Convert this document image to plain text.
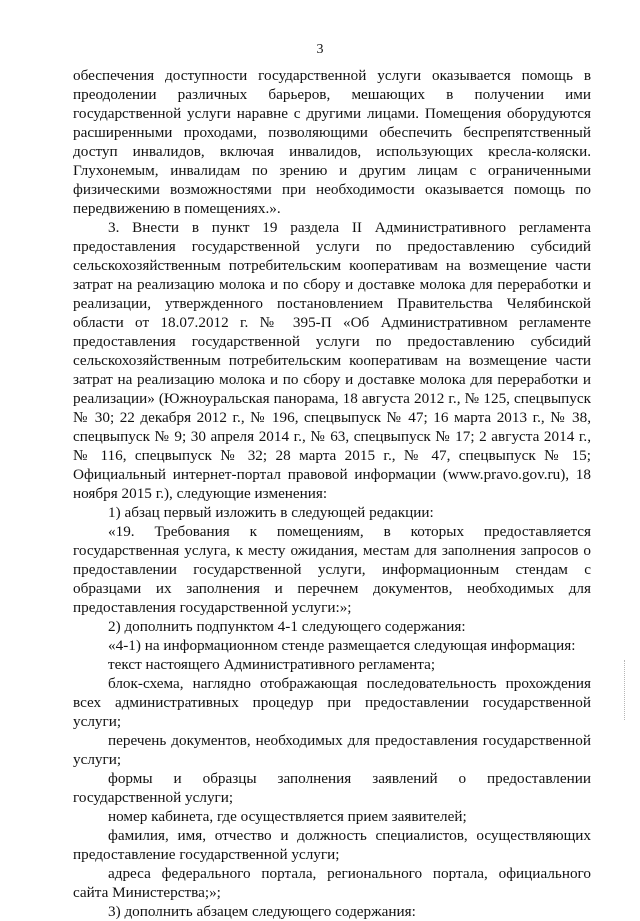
3

обеспечения доступности государственной услуги оказывается помощь в преодолении различных барьеров, мешающих в получении ими государственной услуги наравне с другими лицами. Помещения оборудуются расширенными проходами, позволяющими обеспечить беспрепятственный доступ инвалидов, включая инвалидов, использующих кресла-коляски. Глухонемым, инвалидам по зрению и другим лицам с ограниченными физическими возможностями при необходимости оказывается помощь по передвижению в помещениях.».

3. Внести в пункт 19 раздела II Административного регламента предоставления государственной услуги по предоставлению субсидий сельскохозяйственным потребительским кооперативам на возмещение части затрат на реализацию молока и по сбору и доставке молока для переработки и реализации, утвержденного постановлением Правительства Челябинской области от 18.07.2012 г. № 395-П «Об Административном регламенте предоставления государственной услуги по предоставлению субсидий сельскохозяйственным потребительским кооперативам на возмещение части затрат на реализацию молока и по сбору и доставке молока для переработки и реализации» (Южноуральская панорама, 18 августа 2012 г., № 125, спецвыпуск № 30; 22 декабря 2012 г., № 196, спецвыпуск № 47; 16 марта 2013 г., № 38, спецвыпуск № 9; 30 апреля 2014 г., № 63, спецвыпуск № 17; 2 августа 2014 г., № 116, спецвыпуск № 32; 28 марта 2015 г., № 47, спецвыпуск № 15; Официальный интернет-портал правовой информации (www.pravo.gov.ru), 18 ноября 2015 г.), следующие изменения:

1) абзац первый изложить в следующей редакции:

«19. Требования к помещениям, в которых предоставляется государственная услуга, к месту ожидания, местам для заполнения запросов о предоставлении государственной услуги, информационным стендам с образцами их заполнения и перечнем документов, необходимых для предоставления государственной услуги:»;

2) дополнить подпунктом 4-1 следующего содержания:

«4-1) на информационном стенде размещается следующая информация:

текст настоящего Административного регламента;

блок-схема, наглядно отображающая последовательность прохождения всех административных процедур при предоставлении государственной услуги;

перечень документов, необходимых для предоставления государственной услуги;

формы и образцы заполнения заявлений о предоставлении государственной услуги;

номер кабинета, где осуществляется прием заявителей;

фамилия, имя, отчество и должность специалистов, осуществляющих предоставление государственной услуги;

адреса федерального портала, регионального портала, официального сайта Министерства;»;

3) дополнить абзацем следующего содержания:
